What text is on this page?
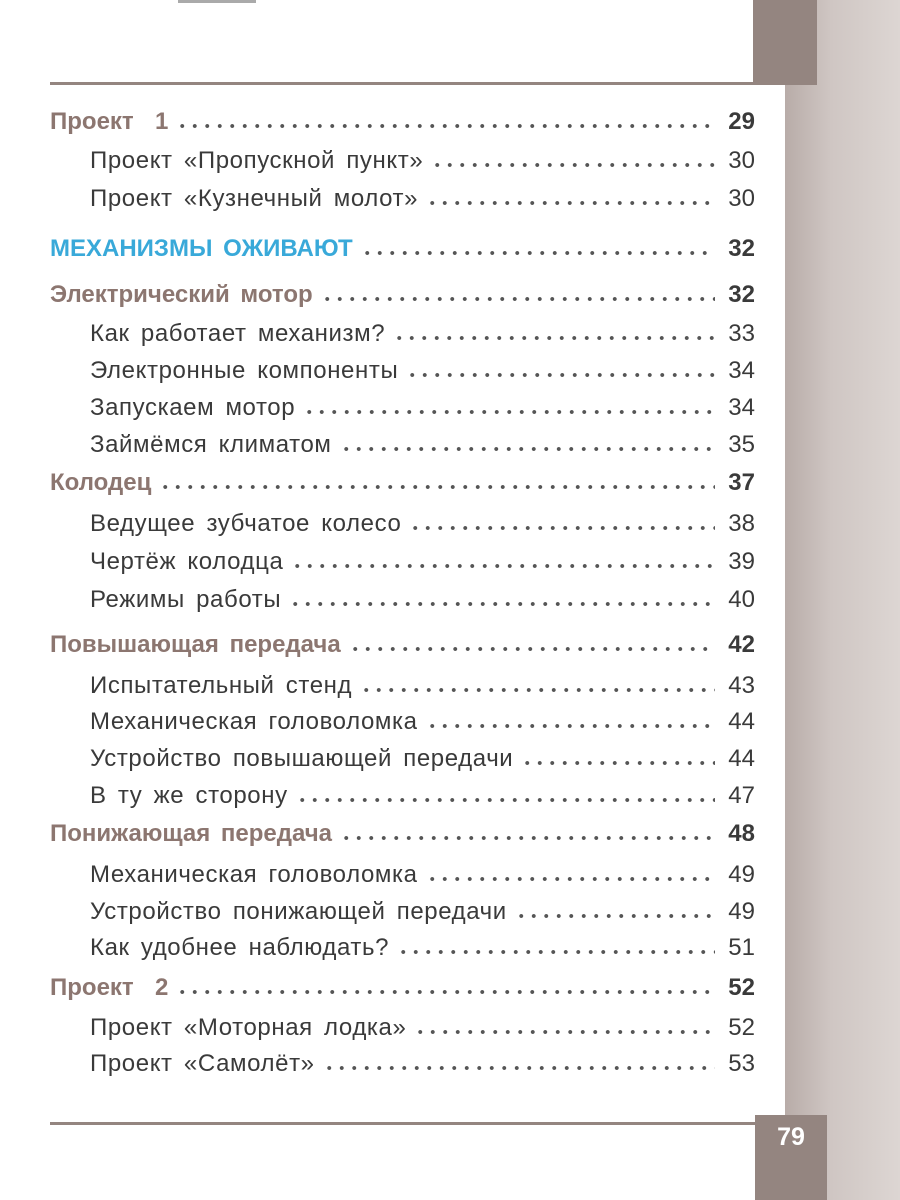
Проект  1	29
Проект «Пропускной пункт»	30
Проект «Кузнечный молот»	30
МЕХАНИЗМЫ ОЖИВАЮТ	32
Электрический мотор	32
Как работает механизм?	33
Электронные компоненты	34
Запускаем мотор	34
Займёмся климатом	35
Колодец	37
Ведущее зубчатое колесо	38
Чертёж колодца	39
Режимы работы	40
Повышающая передача	42
Испытательный стенд	43
Механическая головоломка	44
Устройство повышающей передачи	44
В ту же сторону	47
Понижающая передача	48
Механическая головоломка	49
Устройство понижающей передачи	49
Как удобнее наблюдать?	51
Проект  2	52
Проект «Моторная лодка»	52
Проект «Самолёт»	53
79
